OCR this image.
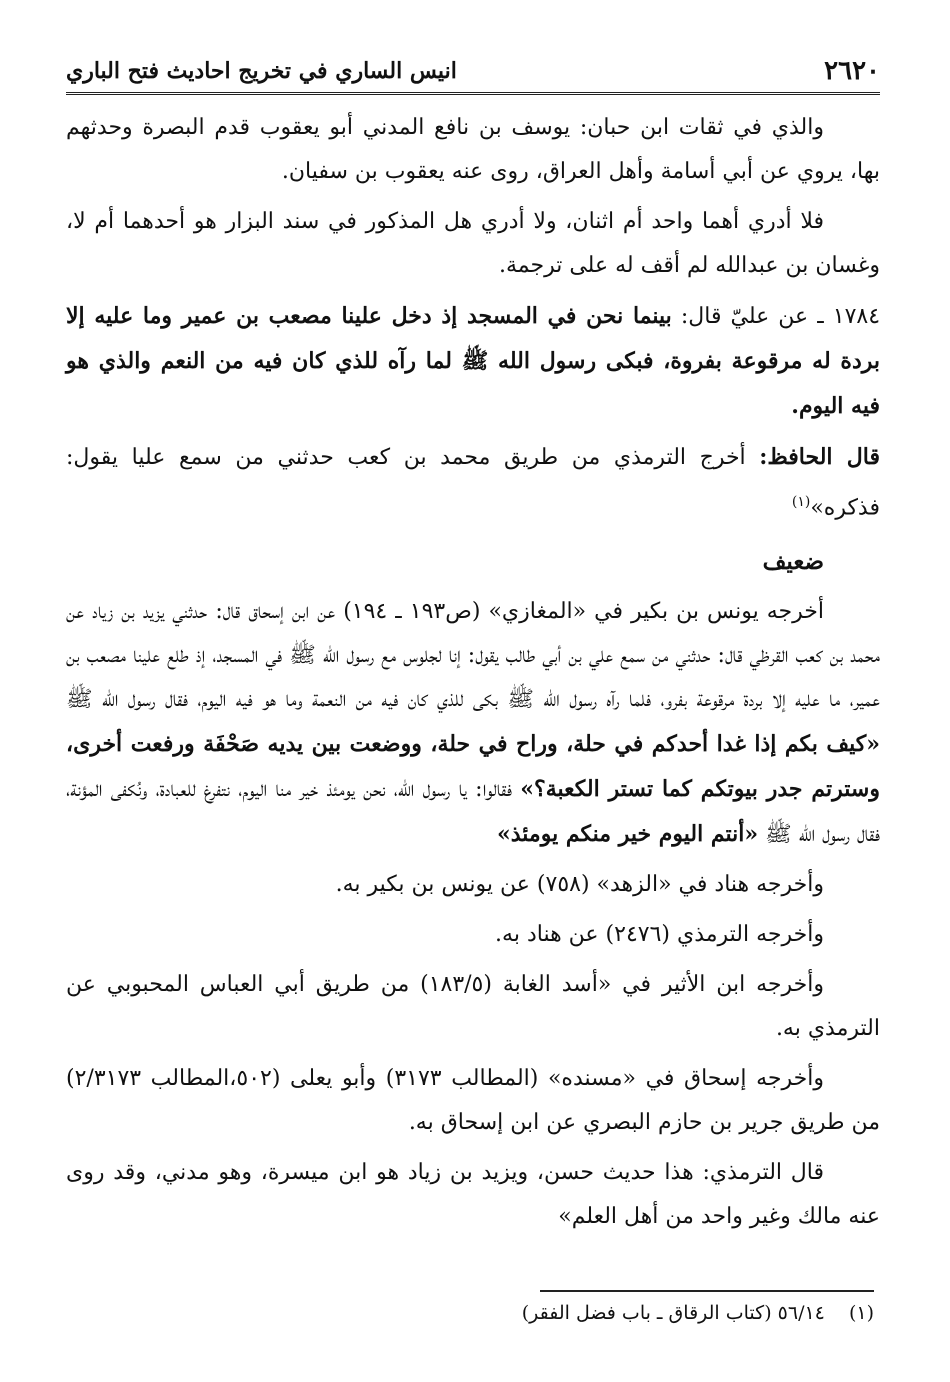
٢٦٢٠
انيس الساري في تخريج احاديث فتح الباري

والذي في ثقات ابن حبان: يوسف بن نافع المدني أبو يعقوب قدم البصرة وحدثهم بها، يروي عن أبي أسامة وأهل العراق، روى عنه يعقوب بن سفيان.

فلا أدري أهما واحد أم اثنان، ولا أدري هل المذكور في سند البزار هو أحدهما أم لا، وغسان بن عبدالله لم أقف له على ترجمة.

١٧٨٤ ـ عن عليّ قال: بينما نحن في المسجد إذ دخل علينا مصعب بن عمير وما عليه إلا بردة له مرقوعة بفروة، فبكى رسول الله ﷺ لما رآه للذي كان فيه من النعم والذي هو فيه اليوم.

قال الحافظ: أخرج الترمذي من طريق محمد بن كعب حدثني من سمع عليا يقول: فذكره»$^{(١)}$

ضعيف

أخرجه يونس بن بكير في «المغازي» (ص١٩٣ ـ ١٩٤) عن ابن إسحاق قال: حدثني يزيد بن زياد عن محمد بن كعب القرظي قال: حدثني من سمع علي بن أبي طالب يقول: إنا لجلوس مع رسول الله ﷺ في المسجد، إذ طلع علينا مصعب بن عمير، ما عليه إلا بردة مرقوعة بفرو، فلما رآه رسول الله ﷺ بكى للذي كان فيه من النعمة وما هو فيه اليوم، فقال رسول الله ﷺ «كيف بكم إذا غدا أحدكم في حلة، وراح في حلة، ووضعت بين يديه صَحْفَة ورفعت أخرى، وسترتم جدر بيوتكم كما تستر الكعبة؟» فقالوا: يا رسول الله، نحن يومئذ خير منا اليوم، نتفرغ للعبادة، ونُكفى المؤنة، فقال رسول الله ﷺ «أنتم اليوم خير منكم يومئذ»

وأخرجه هناد في «الزهد» (٧٥٨) عن يونس بن بكير به.

وأخرجه الترمذي (٢٤٧٦) عن هناد به.

وأخرجه ابن الأثير في «أسد الغابة (١٨٣/٥) من طريق أبي العباس المحبوبي عن الترمذي به.

وأخرجه إسحاق في «مسنده» (المطالب ٣١٧٣) وأبو يعلى (٥٠٢،المطالب ٢/٣١٧٣) من طريق جرير بن حازم البصري عن ابن إسحاق به.

قال الترمذي: هذا حديث حسن، ويزيد بن زياد هو ابن ميسرة، وهو مدني، وقد روى عنه مالك وغير واحد من أهل العلم»

(١) ٥٦/١٤ (كتاب الرقاق ـ باب فضل الفقر)
